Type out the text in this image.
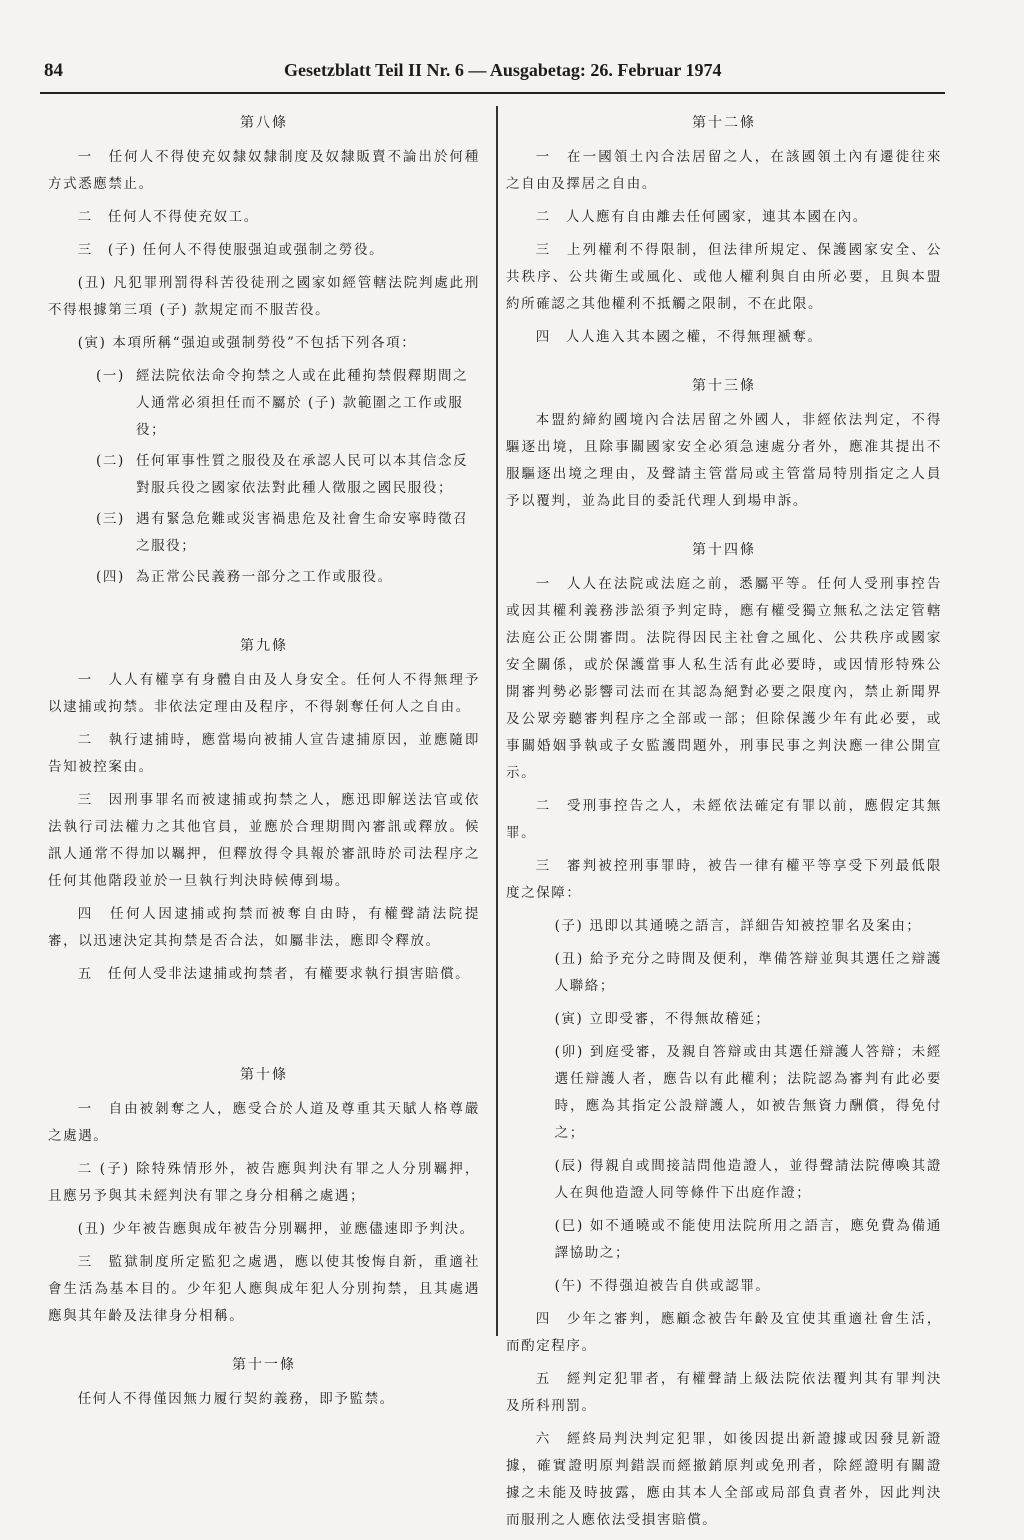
84	Gesetzblatt Teil II Nr. 6 — Ausgabetag: 26. Februar 1974
第八條

一　任何人不得使充奴隸奴隸制度及奴隸販賣不論出於何種方式悉應禁止。

二　任何人不得使充奴工。

三　(子) 任何人不得使服强迫或强制之勞役。

(丑) 凡犯罪刑罰得科苦役徒刑之國家如經管轄法院判處此刑不得根據第三項 (子) 款規定而不服苦役。

(寅) 本項所稱“强迫或强制勞役”不包括下列各項：

(一) 經法院依法命令拘禁之人或在此種拘禁假釋期間之人通常必須担任而不屬於 (子) 款範圍之工作或服役；
(二) 任何軍事性質之服役及在承認人民可以本其信念反對服兵役之國家依法對此種人徵服之國民服役；
(三) 遇有緊急危難或災害禍患危及社會生命安寧時徵召之服役；
(四) 為正常公民義務一部分之工作或服役。
第九條

一　人人有權享有身體自由及人身安全。任何人不得無理予以逮捕或拘禁。非依法定理由及程序，不得剝奪任何人之自由。

二　執行逮捕時，應當場向被捕人宣告逮捕原因，並應隨即告知被控案由。

三　因刑事罪名而被逮捕或拘禁之人，應迅即解送法官或依法執行司法權力之其他官員，並應於合理期間內審訊或釋放。候訊人通常不得加以羈押，但釋放得令具報於審訊時於司法程序之任何其他階段並於一旦執行判決時候傳到場。

四　任何人因逮捕或拘禁而被奪自由時，有權聲請法院提審，以迅速決定其拘禁是否合法，如屬非法，應即令釋放。

五　任何人受非法逮捕或拘禁者，有權要求執行損害賠償。

第十條

一　自由被剝奪之人，應受合於人道及尊重其天賦人格尊嚴之處遇。

二 (子) 除特殊情形外，被告應與判決有罪之人分別羈押，且應另予與其未經判決有罪之身分相稱之處遇；

(丑) 少年被告應與成年被告分別羈押，並應儘速即予判決。

三　監獄制度所定監犯之處遇，應以使其悛悔自新，重適社會生活為基本目的。少年犯人應與成年犯人分別拘禁，且其處遇應與其年齡及法律身分相稱。

第十一條

任何人不得僅因無力履行契約義務，即予監禁。

第十二條

一　在一國領土內合法居留之人，在該國領土內有遷徙往來之自由及擇居之自由。

二　人人應有自由離去任何國家，連其本國在內。

三　上列權利不得限制，但法律所規定、保護國家安全、公共秩序、公共衛生或風化、或他人權利與自由所必要，且與本盟約所確認之其他權利不抵觸之限制，不在此限。

四　人人進入其本國之權，不得無理褫奪。

第十三條

本盟約締約國境內合法居留之外國人，非經依法判定，不得驅逐出境，且除事關國家安全必須急速處分者外，應准其提出不服驅逐出境之理由，及聲請主管當局或主管當局特別指定之人員予以覆判，並為此目的委託代理人到場申訴。

第十四條

一　人人在法院或法庭之前，悉屬平等。任何人受刑事控告或因其權利義務涉訟須予判定時，應有權受獨立無私之法定管轄法庭公正公開審問。法院得因民主社會之風化、公共秩序或國家安全關係，或於保護當事人私生活有此必要時，或因情形特殊公開審判勢必影響司法而在其認為絕對必要之限度內，禁止新聞界及公眾旁聽審判程序之全部或一部；但除保護少年有此必要，或事關婚姻爭執或子女監護問題外，刑事民事之判決應一律公開宣示。

二　受刑事控告之人，未經依法確定有罪以前，應假定其無罪。

三　審判被控刑事罪時，被告一律有權平等享受下列最低限度之保障：

(子) 迅即以其通曉之語言，詳細告知被控罪名及案由；

(丑) 給予充分之時間及便利，準備答辯並與其選任之辯護人聯絡；

(寅) 立即受審，不得無故稽延；

(卯) 到庭受審，及親自答辯或由其選任辯護人答辯；未經選任辯護人者，應告以有此權利；法院認為審判有此必要時，應為其指定公設辯護人，如被告無資力酬償，得免付之；

(辰) 得親自或間接詰問他造證人，並得聲請法院傳喚其證人在與他造證人同等條件下出庭作證；

(巳) 如不通曉或不能使用法院所用之語言，應免費為備通譯協助之；

(午) 不得强迫被告自供或認罪。

四　少年之審判，應顧念被告年齡及宜使其重適社會生活，而酌定程序。

五　經判定犯罪者，有權聲請上級法院依法覆判其有罪判決及所科刑罰。

六　經終局判決判定犯罪，如後因提出新證據或因發見新證據，確實證明原判錯誤而經撤銷原判或免刑者，除經證明有關證據之未能及時披露，應由其本人全部或局部負責者外，因此判決而服刑之人應依法受損害賠償。
